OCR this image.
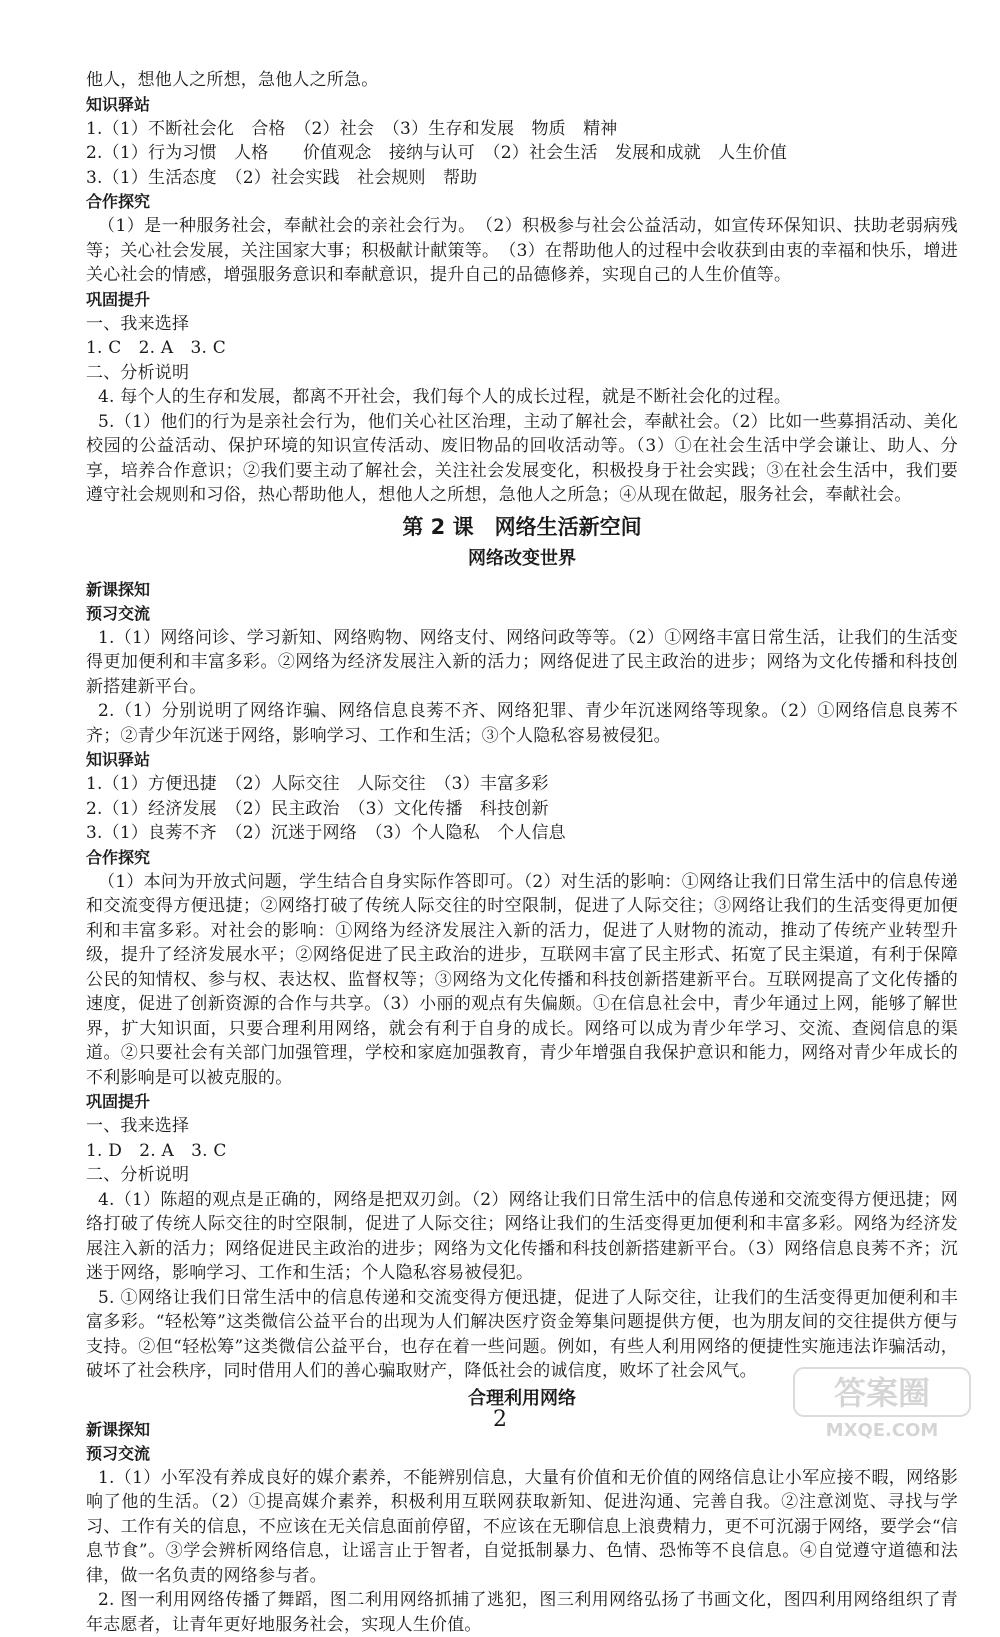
他人，想他人之所想，急他人之所急。

知识驿站

1.（1）不断社会化　合格　（2）社会　（3）生存和发展　物质　精神

2.（1）行为习惯　人格　　价值观念　接纳与认可　（2）社会生活　发展和成就　人生价值

3.（1）生活态度　（2）社会实践　社会规则　帮助

合作探究

（1）是一种服务社会，奉献社会的亲社会行为。　（2）积极参与社会公益活动，如宣传环保知识、扶助老弱病残等；关心社会发展，关注国家大事；积极献计献策等。　（3）在帮助他人的过程中会收获到由衷的幸福和快乐，增进关心社会的情感，增强服务意识和奉献意识，提升自己的品德修养，实现自己的人生价值等。

巩固提升

一、我来选择

1. C　2. A　3. C

二、分析说明

4. 每个人的生存和发展，都离不开社会，我们每个人的成长过程，就是不断社会化的过程。

5.（1）他们的行为是亲社会行为，他们关心社区治理，主动了解社会，奉献社会。（2）比如一些募捐活动、美化校园的公益活动、保护环境的知识宣传活动、废旧物品的回收活动等。（3）①在社会生活中学会谦让、助人、分享，培养合作意识；②我们要主动了解社会，关注社会发展变化，积极投身于社会实践；③在社会生活中，我们要遵守社会规则和习俗，热心帮助他人，想他人之所想，急他人之所急；④从现在做起，服务社会，奉献社会。

第 2 课　网络生活新空间
网络改变世界
新课探知
预习交流

1.（1）网络问诊、学习新知、网络购物、网络支付、网络问政等等。（2）①网络丰富日常生活，让我们的生活变得更加便利和丰富多彩。②网络为经济发展注入新的活力；网络促进了民主政治的进步；网络为文化传播和科技创新搭建新平台。

2.（1）分别说明了网络诈骗、网络信息良莠不齐、网络犯罪、青少年沉迷网络等现象。（2）①网络信息良莠不齐；②青少年沉迷于网络，影响学习、工作和生活；③个人隐私容易被侵犯。

知识驿站

1.（1）方便迅捷　（2）人际交往　人际交往　（3）丰富多彩

2.（1）经济发展　（2）民主政治　（3）文化传播　科技创新

3.（1）良莠不齐　（2）沉迷于网络　（3）个人隐私　个人信息

合作探究

（1）本问为开放式问题，学生结合自身实际作答即可。（2）对生活的影响：①网络让我们日常生活中的信息传递和交流变得方便迅捷；②网络打破了传统人际交往的时空限制，促进了人际交往；③网络让我们的生活变得更加便利和丰富多彩。对社会的影响：①网络为经济发展注入新的活力，促进了人财物的流动，推动了传统产业转型升级，提升了经济发展水平；②网络促进了民主政治的进步，互联网丰富了民主形式、拓宽了民主渠道，有利于保障公民的知情权、参与权、表达权、监督权等；③网络为文化传播和科技创新搭建新平台。互联网提高了文化传播的速度，促进了创新资源的合作与共享。（3）小丽的观点有失偏颇。①在信息社会中，青少年通过上网，能够了解世界，扩大知识面，只要合理利用网络，就会有利于自身的成长。网络可以成为青少年学习、交流、查阅信息的渠道。②只要社会有关部门加强管理，学校和家庭加强教育，青少年增强自我保护意识和能力，网络对青少年成长的不利影响是可以被克服的。

巩固提升

一、我来选择

1. D　2. A　3. C

二、分析说明

4.（1）陈超的观点是正确的，网络是把双刃剑。（2）网络让我们日常生活中的信息传递和交流变得方便迅捷；网络打破了传统人际交往的时空限制，促进了人际交往；网络让我们的生活变得更加便利和丰富多彩。网络为经济发展注入新的活力；网络促进民主政治的进步；网络为文化传播和科技创新搭建新平台。（3）网络信息良莠不齐；沉迷于网络，影响学习、工作和生活；个人隐私容易被侵犯。

5. ①网络让我们日常生活中的信息传递和交流变得方便迅捷，促进了人际交往，让我们的生活变得更加便利和丰富多彩。“轻松筹”这类微信公益平台的出现为人们解决医疗资金筹集问题提供方便，也为朋友间的交往提供方便与支持。②但“轻松筹”这类微信公益平台，也存在着一些问题。例如，有些人利用网络的便捷性实施违法诈骗活动，破坏了社会秩序，同时借用人们的善心骗取财产，降低社会的诚信度，败坏了社会风气。

合理利用网络
新课探知
预习交流

1.（1）小军没有养成良好的媒介素养，不能辨别信息，大量有价值和无价值的网络信息让小军应接不暇，网络影响了他的生活。（2）①提高媒介素养，积极利用互联网获取新知、促进沟通、完善自我。②注意浏览、寻找与学习、工作有关的信息，不应该在无关信息面前停留，不应该在无聊信息上浪费精力，更不可沉溺于网络，要学会“信息节食”。③学会辨析网络信息，让谣言止于智者，自觉抵制暴力、色情、恐怖等不良信息。④自觉遵守道德和法律，做一名负责的网络参与者。

2. 图一利用网络传播了舞蹈，图二利用网络抓捕了逃犯，图三利用网络弘扬了书画文化，图四利用网络组织了青年志愿者，让青年更好地服务社会，实现人生价值。

2
答案圈
MXQE.COM
